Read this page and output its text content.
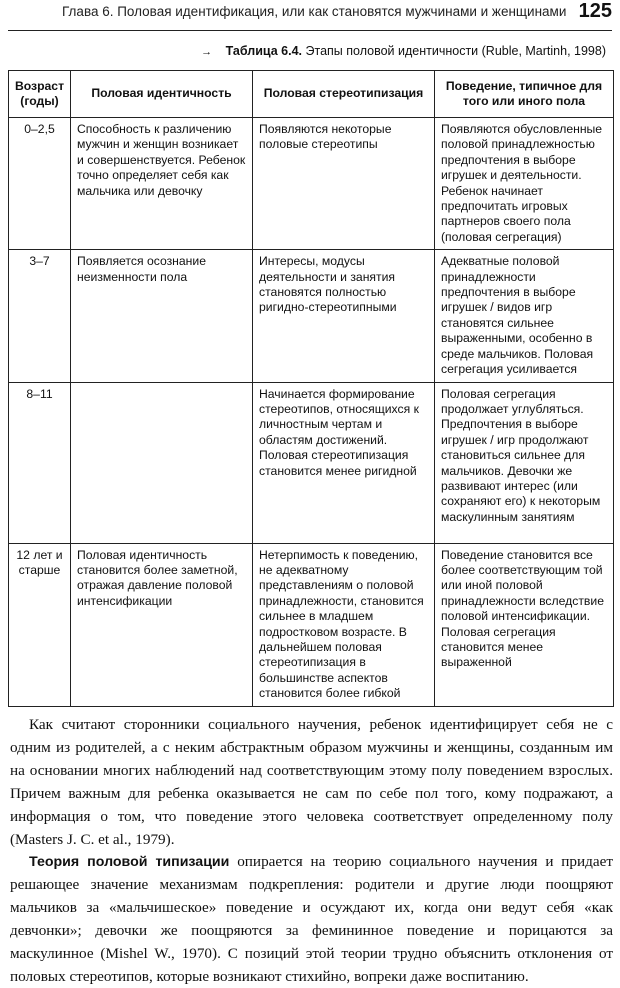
Глава 6. Половая идентификация, или как становятся мужчинами и женщинами 125
→ Таблица 6.4. Этапы половой идентичности (Ruble, Martinh, 1998)
Возраст (годы)	Половая идентичность	Половая стереотипизация	Поведение, типичное для того или иного пола
0–2,5	Способность к различению мужчин и женщин возникает и совершенствуется. Ребенок точно определяет себя как мальчика или девочку	Появляются некоторые половые стереотипы	Появляются обусловленные половой принадлежностью предпочтения в выборе игрушек и деятельности. Ребенок начинает предпочитать игровых партнеров своего пола (половая сегрегация)
3–7	Появляется осознание неизменности пола	Интересы, модусы деятельности и занятия становятся полностью ригидно-стереотипными	Адекватные половой принадлежности предпочтения в выборе игрушек / видов игр становятся сильнее выраженными, особенно в среде мальчиков. Половая сегрегация усиливается
8–11		Начинается формирование стереотипов, относящихся к личностным чертам и областям достижений. Половая стереотипизация становится менее ригидной	Половая сегрегация продолжает углубляться. Предпочтения в выборе игрушек / игр продолжают становиться сильнее для мальчиков. Девочки же развивают интерес (или сохраняют его) к некоторым маскулинным занятиям
12 лет и старше	Половая идентичность становится более заметной, отражая давление половой интенсификации	Нетерпимость к поведению, не адекватному представлениям о половой принадлежности, становится сильнее в младшем подростковом возрасте. В дальнейшем половая стереотипизация в большинстве аспектов становится более гибкой	Поведение становится все более соответствующим той или иной половой принадлежности вследствие половой интенсификации. Половая сегрегация становится менее выраженной

Как считают сторонники социального научения, ребенок идентифицирует себя не с одним из родителей, а с неким абстрактным образом мужчины и женщины, созданным им на основании многих наблюдений над соответствующим этому полу поведением взрослых. Причем важным для ребенка оказывается не сам по себе пол того, кому подражают, а информация о том, что поведение этого человека соответствует определенному полу (Masters J. C. et al., 1979).

Теория половой типизации опирается на теорию социального научения и придает решающее значение механизмам подкрепления: родители и другие люди поощряют мальчиков за «мальчишеское» поведение и осуждают их, когда они ведут себя «как девчонки»; девочки же поощряются за фемининное поведение и порицаются за маскулинное (Mishel W., 1970). С позиций этой теории трудно объяснить отклонения от половых стереотипов, которые возникают стихийно, вопреки даже воспитанию.
